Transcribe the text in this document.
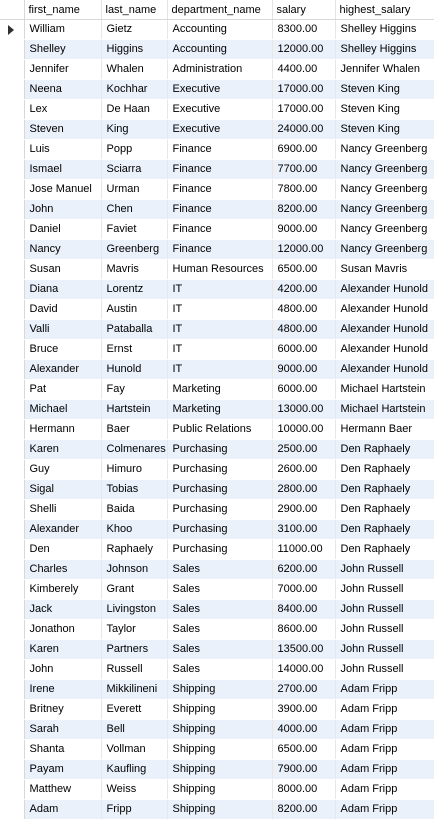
	first_name	last_name	department_name	salary	highest_salary

	William	Gietz	Accounting	8300.00	Shelley Higgins
	Shelley	Higgins	Accounting	12000.00	Shelley Higgins
	Jennifer	Whalen	Administration	4400.00	Jennifer Whalen
	Neena	Kochhar	Executive	17000.00	Steven King
	Lex	De Haan	Executive	17000.00	Steven King
	Steven	King	Executive	24000.00	Steven King
	Luis	Popp	Finance	6900.00	Nancy Greenberg
	Ismael	Sciarra	Finance	7700.00	Nancy Greenberg
	Jose Manuel	Urman	Finance	7800.00	Nancy Greenberg
	John	Chen	Finance	8200.00	Nancy Greenberg
	Daniel	Faviet	Finance	9000.00	Nancy Greenberg
	Nancy	Greenberg	Finance	12000.00	Nancy Greenberg
	Susan	Mavris	Human Resources	6500.00	Susan Mavris
	Diana	Lorentz	IT	4200.00	Alexander Hunold
	David	Austin	IT	4800.00	Alexander Hunold
	Valli	Pataballa	IT	4800.00	Alexander Hunold
	Bruce	Ernst	IT	6000.00	Alexander Hunold
	Alexander	Hunold	IT	9000.00	Alexander Hunold
	Pat	Fay	Marketing	6000.00	Michael Hartstein
	Michael	Hartstein	Marketing	13000.00	Michael Hartstein
	Hermann	Baer	Public Relations	10000.00	Hermann Baer
	Karen	Colmenares	Purchasing	2500.00	Den Raphaely
	Guy	Himuro	Purchasing	2600.00	Den Raphaely
	Sigal	Tobias	Purchasing	2800.00	Den Raphaely
	Shelli	Baida	Purchasing	2900.00	Den Raphaely
	Alexander	Khoo	Purchasing	3100.00	Den Raphaely
	Den	Raphaely	Purchasing	11000.00	Den Raphaely
	Charles	Johnson	Sales	6200.00	John Russell
	Kimberely	Grant	Sales	7000.00	John Russell
	Jack	Livingston	Sales	8400.00	John Russell
	Jonathon	Taylor	Sales	8600.00	John Russell
	Karen	Partners	Sales	13500.00	John Russell
	John	Russell	Sales	14000.00	John Russell
	Irene	Mikkilineni	Shipping	2700.00	Adam Fripp
	Britney	Everett	Shipping	3900.00	Adam Fripp
	Sarah	Bell	Shipping	4000.00	Adam Fripp
	Shanta	Vollman	Shipping	6500.00	Adam Fripp
	Payam	Kaufling	Shipping	7900.00	Adam Fripp
	Matthew	Weiss	Shipping	8000.00	Adam Fripp
	Adam	Fripp	Shipping	8200.00	Adam Fripp
